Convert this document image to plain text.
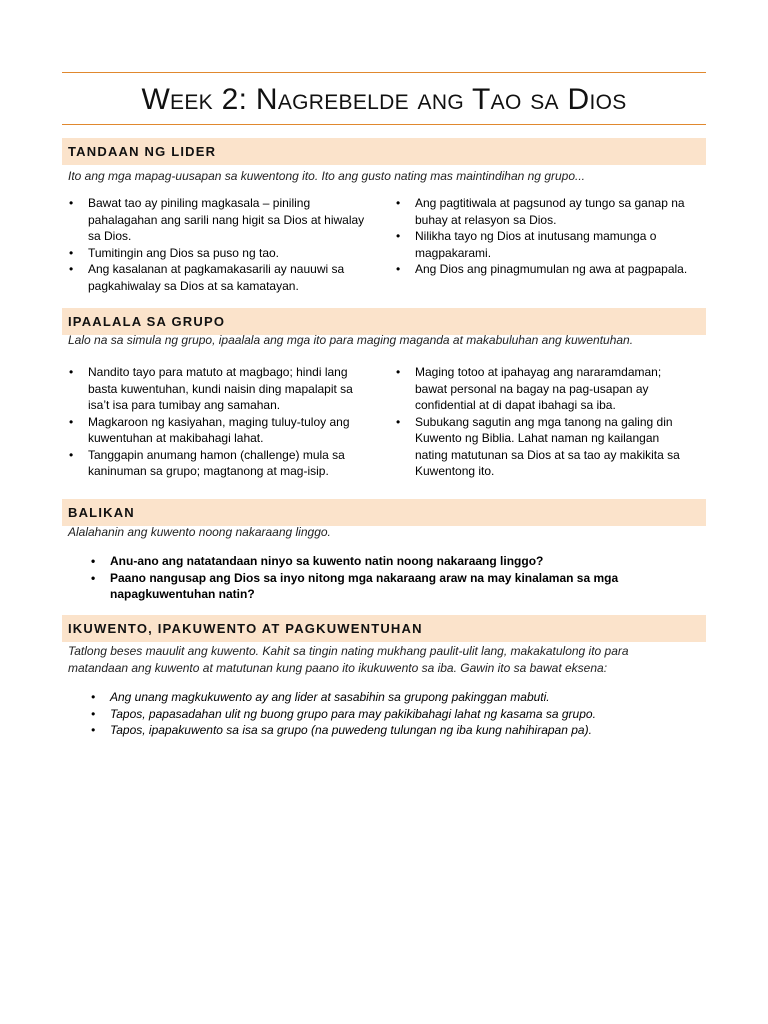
Week 2: Nagrebelde ang Tao sa Dios
TANDAAN NG LIDER
Ito ang mga mapag-uusapan sa kuwentong ito. Ito ang gusto nating mas maintindihan ng grupo...
• Bawat tao ay piniling magkasala – piniling pahalagahan ang sarili nang higit sa Dios at hiwalay sa Dios.
• Tumitingin ang Dios sa puso ng tao.
• Ang kasalanan at pagkamakasarili ay nauuwi sa pagkahiwalay sa Dios at sa kamatayan.
• Ang pagtitiwala at pagsunod ay tungo sa ganap na buhay at relasyon sa Dios.
• Nilikha tayo ng Dios at inutusang mamunga o magpakarami.
• Ang Dios ang pinagmumulan ng awa at pagpapala.
IPAALALA SA GRUPO
Lalo na sa simula ng grupo, ipaalala ang mga ito para maging maganda at makabuluhan ang kuwentuhan.
• Nandito tayo para matuto at magbago; hindi lang basta kuwentuhan, kundi naisin ding mapalapit sa isa’t isa para tumibay ang samahan.
• Magkaroon ng kasiyahan, maging tuluy-tuloy ang kuwentuhan at makibahagi lahat.
• Tanggapin anumang hamon (challenge) mula sa kaninuman sa grupo; magtanong at mag-isip.
• Maging totoo at ipahayag ang nararamdaman; bawat personal na bagay na pag-usapan ay confidential at di dapat ibahagi sa iba.
• Subukang sagutin ang mga tanong na galing din Kuwento ng Biblia. Lahat naman ng kailangan nating matutunan sa Dios at sa tao ay makikita sa Kuwentong ito.
BALIKAN
Alalahanin ang kuwento noong nakaraang linggo.
• Anu-ano ang natatandaan ninyo sa kuwento natin noong nakaraang linggo?
• Paano nangusap ang Dios sa inyo nitong mga nakaraang araw na may kinalaman sa mga napagkuwentuhan natin?
IKUWENTO, IPAKUWENTO AT PAGKUWENTUHAN
Tatlong beses mauulit ang kuwento. Kahit sa tingin nating mukhang paulit-ulit lang, makakatulong ito para matandaan ang kuwento at matutunan kung paano ito ikukuwento sa iba. Gawin ito sa bawat eksena:
• Ang unang magkukuwento ay ang lider at sasabihin sa grupong pakinggan mabuti.
• Tapos, papasadahan ulit ng buong grupo para may pakikibahagi lahat ng kasama sa grupo.
• Tapos, ipapakuwento sa isa sa grupo (na puwedeng tulungan ng iba kung nahihirapan pa).
